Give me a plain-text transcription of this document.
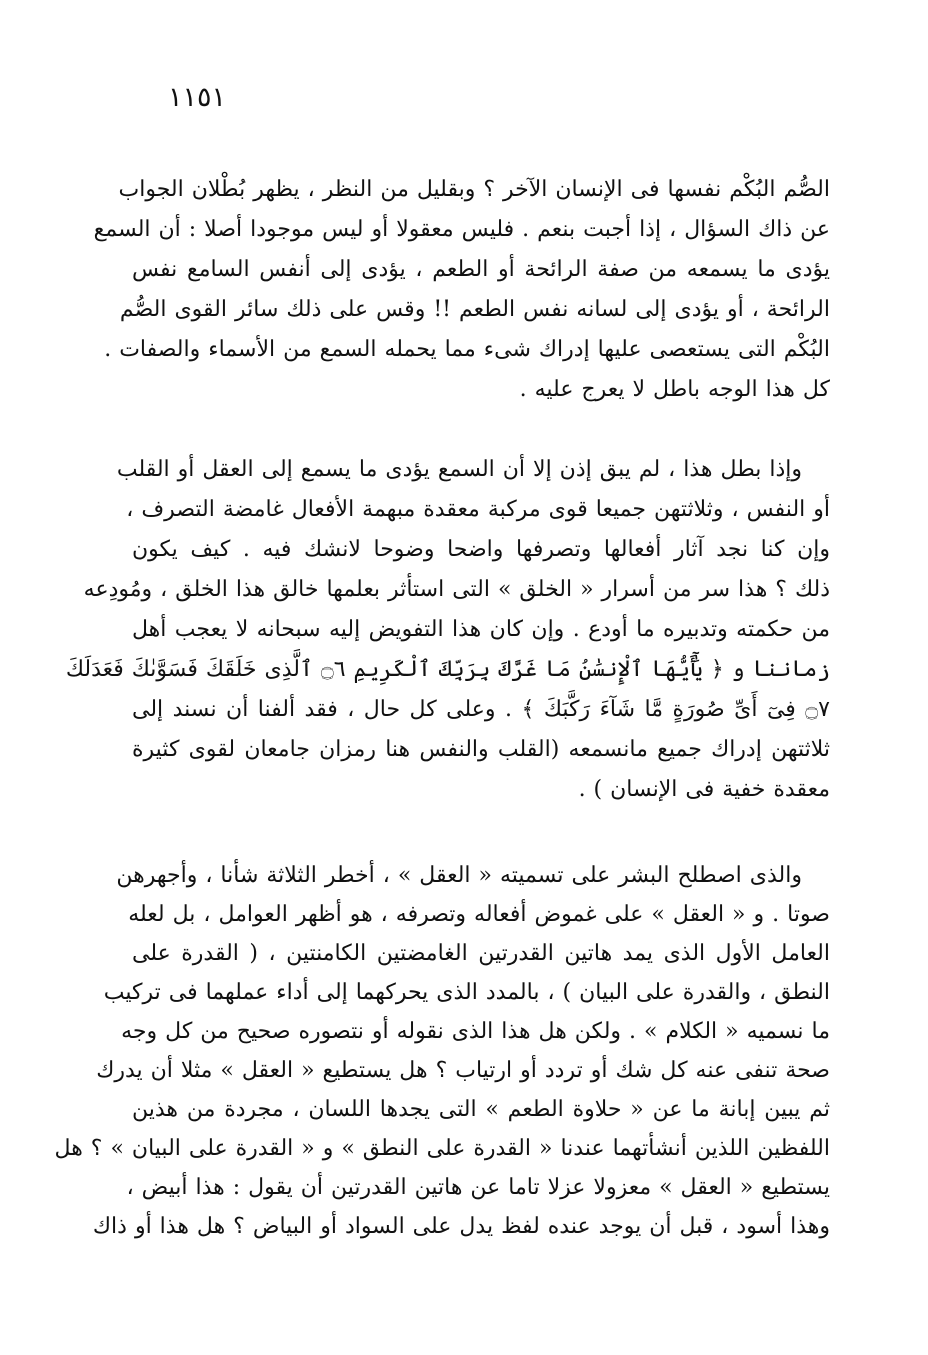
١١٥١
الصُّم البُكْم نفسها فى الإنسان الآخر ؟ وبقليل من النظر ، يظهر بُطْلان الجواب
عن ذاك السؤال ، إذا أجبت بنعم . فليس معقولا أو ليس موجودا أصلا : أن السمع
يؤدى ما يسمعه من صفة الرائحة أو الطعم ، يؤدى إلى أنفس السامع نفس
الرائحة ، أو يؤدى إلى لسانه نفس الطعم !! وقس على ذلك سائر القوى الصُّم
البُكْم التى يستعصى عليها إدراك شىء مما يحمله السمع من الأسماء والصفات .
كل هذا الوجه باطل لا يعرج عليه .
وإذا بطل هذا ، لم يبق إذن إلا أن السمع يؤدى ما يسمع إلى العقل أو القلب
أو النفس ، وثلاثتهن جميعا قوى مركبة معقدة مبهمة الأفعال غامضة التصرف ،
وإن كنا نجد آثار أفعالها وتصرفها واضحا وضوحا لانشك فيه . كيف يكون
ذلك ؟ هذا سر من أسرار « الخلق » التى استأثر بعلمها خالق هذا الخلق ، ومُودِعه
من حكمته وتدبيره ما أودع . وإن كان هذا التفويض إليه سبحانه لا يعجب أهل
زماننا و ﴿ يَٰٓأَيُّهَا ٱلْإِنسَٰنُ مَا غَرَّكَ بِرَبِّكَ ٱلْكَرِيمِ ۝٦ ٱلَّذِى خَلَقَكَ فَسَوَّىٰكَ فَعَدَلَكَ
۝٧ فِىٓ أَىِّ صُورَةٍ مَّا شَآءَ رَكَّبَكَ ﴾ . وعلى كل حال ، فقد ألفنا أن نسند إلى
ثلاثتهن إدراك جميع مانسمعه (القلب والنفس هنا رمزان جامعان لقوى كثيرة
معقدة خفية فى الإنسان ) .
والذى اصطلح البشر على تسميته « العقل » ، أخطر الثلاثة شأنا ، وأجهرهن
صوتا . و « العقل » على غموض أفعاله وتصرفه ، هو أظهر العوامل ، بل لعله
العامل الأول الذى يمد هاتين القدرتين الغامضتين الكامنتين ، ( القدرة على
النطق ، والقدرة على البيان ) ، بالمدد الذى يحركهما إلى أداء عملهما فى تركيب
ما نسميه « الكلام » . ولكن هل هذا الذى نقوله أو نتصوره صحيح من كل وجه
صحة تنفى عنه كل شك أو تردد أو ارتياب ؟ هل يستطيع « العقل » مثلا أن يدرك
ثم يبين إبانة ما عن « حلاوة الطعم » التى يجدها اللسان ، مجردة من هذين
اللفظين اللذين أنشأتهما عندنا « القدرة على النطق » و « القدرة على البيان » ؟ هل
يستطيع « العقل » معزولا عزلا تاما عن هاتين القدرتين أن يقول : هذا أبيض ،
وهذا أسود ، قبل أن يوجد عنده لفظ يدل على السواد أو البياض ؟ هل هذا أو ذاك
